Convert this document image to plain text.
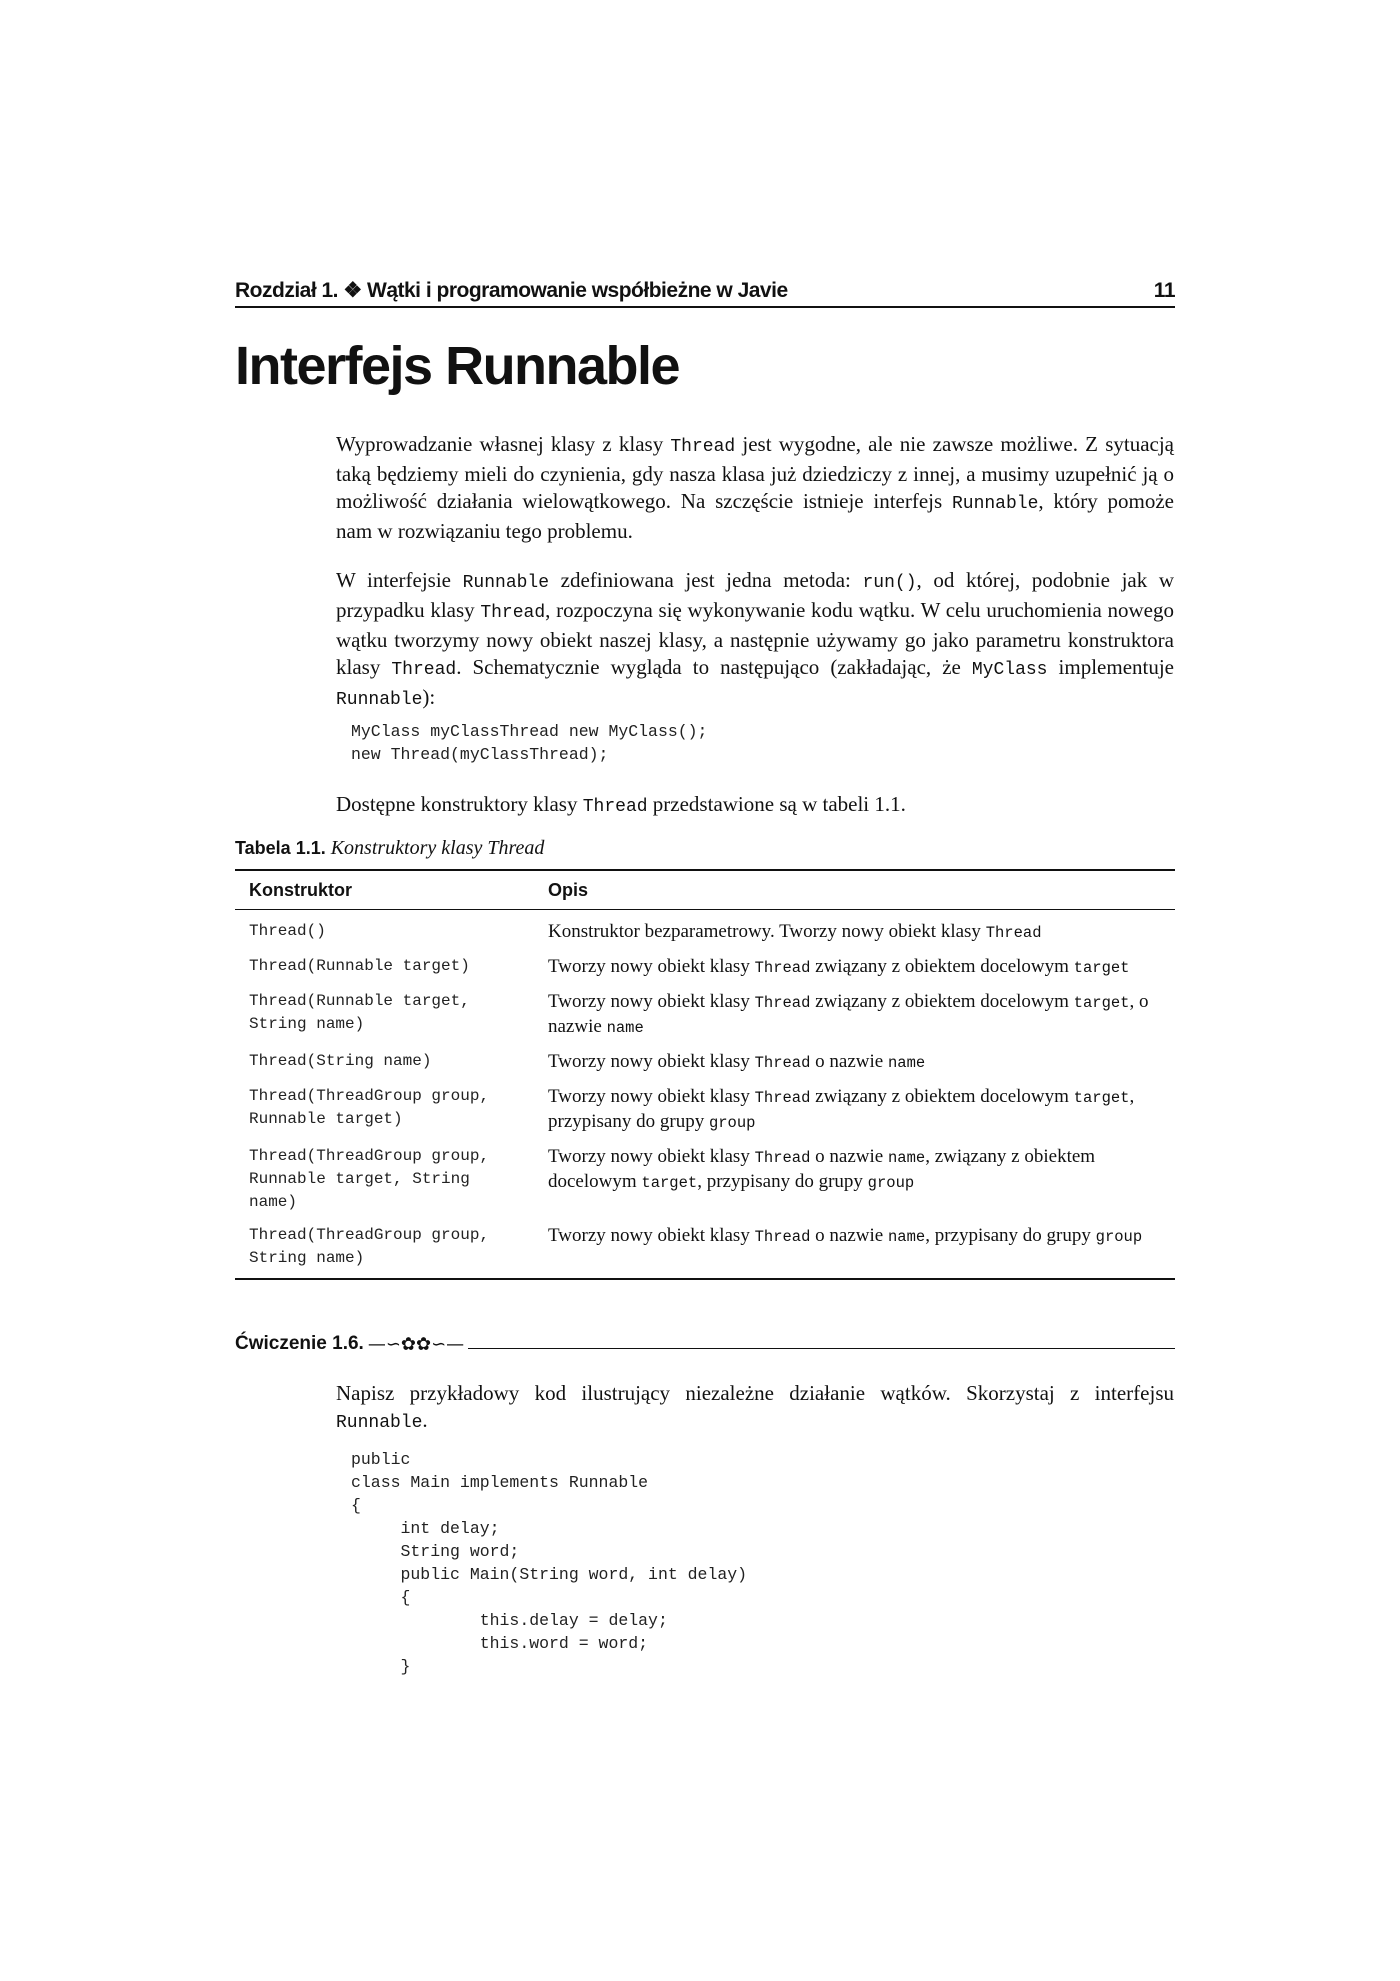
Rozdział 1. ❖ Wątki i programowanie współbieżne w Javie	11
Interfejs Runnable

Wyprowadzanie własnej klasy z klasy Thread jest wygodne, ale nie zawsze możliwe. Z sytuacją taką będziemy mieli do czynienia, gdy nasza klasa już dziedziczy z innej, a musimy uzupełnić ją o możliwość działania wielowątkowego. Na szczęście istnieje interfejs Runnable, który pomoże nam w rozwiązaniu tego problemu.

W interfejsie Runnable zdefiniowana jest jedna metoda: run(), od której, podobnie jak w przypadku klasy Thread, rozpoczyna się wykonywanie kodu wątku. W celu uruchomienia nowego wątku tworzymy nowy obiekt naszej klasy, a następnie używamy go jako parametru konstruktora klasy Thread. Schematycznie wygląda to następująco (zakładając, że MyClass implementuje Runnable):

MyClass myClassThread new MyClass();
new Thread(myClassThread);

Dostępne konstruktory klasy Thread przedstawione są w tabeli 1.1.

Tabela 1.1. Konstruktory klasy Thread
Konstruktor	Opis
Thread()	Konstruktor bezparametrowy. Tworzy nowy obiekt klasy Thread
Thread(Runnable target)	Tworzy nowy obiekt klasy Thread związany z obiektem docelowym target
Thread(Runnable target,
String name)	Tworzy nowy obiekt klasy Thread związany z obiektem docelowym target, o nazwie name
Thread(String name)	Tworzy nowy obiekt klasy Thread o nazwie name
Thread(ThreadGroup group,
Runnable target)	Tworzy nowy obiekt klasy Thread związany z obiektem docelowym target, przypisany do grupy group
Thread(ThreadGroup group,
Runnable target, String name)	Tworzy nowy obiekt klasy Thread o nazwie name, związany z obiektem docelowym target, przypisany do grupy group
Thread(ThreadGroup group,
String name)	Tworzy nowy obiekt klasy Thread o nazwie name, przypisany do grupy group
Ćwiczenie 1.6. —∽✿✿∽—

Napisz przykładowy kod ilustrujący niezależne działanie wątków. Skorzystaj z interfejsu Runnable.

public
class Main implements Runnable
{
int delay;
String word;
public Main(String word, int delay)
{
this.delay = delay;
this.word = word;
}
